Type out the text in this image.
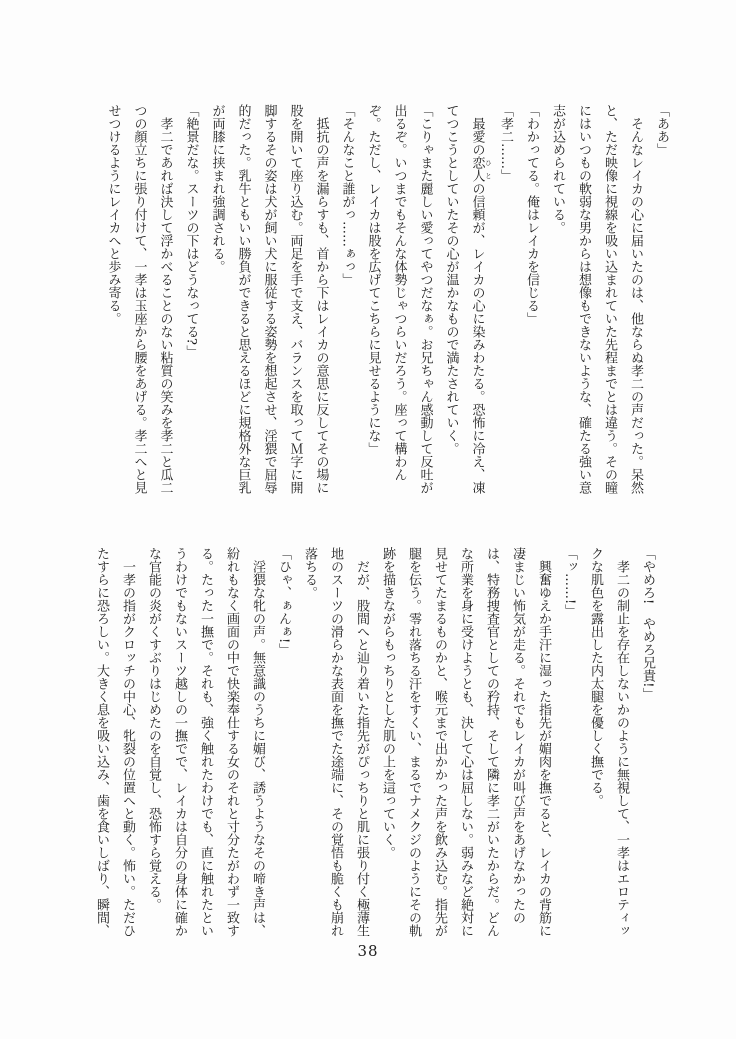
「ああ」
　そんなレイカの心に届いたのは、他ならぬ孝二の声だった。呆然
と、ただ映像に視線を吸い込まれていた先程までとは違う。その瞳
にはいつもの軟弱な男からは想像もできないような、確たる強い意
志が込められている。
「わかってる。俺はレイカを信じる」
「孝二……」
　最愛の恋人 ひとの信頼が、レイカの心に染みわたる。恐怖に冷え、凍
てつこうとしていたその心が温かなもので満たされていく。
「こりゃまた麗しい愛ってやつだなぁ。お兄ちゃん感動して反吐が
出るぞ。いつまでもそんな体勢じゃつらいだろう。座って構わん
ぞ。ただし、レイカは股を広げてこちらに見せるようにな」
「そんなこと誰がっ……ぁっ」
　抵抗の声を漏らすも、首から下はレイカの意思に反してその場に
股を開いて座り込む。両足を手で支え、バランスを取ってＭ字に開
脚するその姿は犬が飼い犬に服従する姿勢を想起させ、淫猥で屈辱
的だった。乳牛ともいい勝負ができると思えるほどに規格外な巨乳
が両膝に挟まれ強調される。
「絶景だな。スーツの下はどうなってる?」
　孝二であれば決して浮かべることのない粘質の笑みを孝二と瓜二
つの顔立ちに張り付けて、一孝は玉座から腰をあげる。孝二へと見
せつけるようにレイカへと歩み寄る。
「やめろ!　やめろ兄貴!」
　孝二の制止を存在しないかのように無視して、一孝はエロティッ
クな肌色を露出した内太腿を優しく撫でる。
「ッ……!」
　興奮ゆえか手汗に湿った指先が媚肉を撫でると、レイカの背筋に
凄まじい怖気が走る。それでもレイカが叫び声をあげなかったの
は、特務捜査官としての矜持、そして隣に孝二がいたからだ。どん
な所業を身に受けようとも、決して心は屈しない。弱みなど絶対に
見せてたまるものかと、喉元まで出かかった声を飲み込む。指先が
腿を伝う。零れ落ちる汗をすくい、まるでナメクジのようにその軌
跡を描きながらもっちりとした肌の上を這っていく。
　だが、股間へと辿り着いた指先がぴっちりと肌に張り付く極薄生
地のスーツの滑らかな表面を撫でた途端に、その覚悟も脆くも崩れ
落ちる。
「ひゃ、ぁんぁ!」
　淫猥な牝の声。無意識のうちに媚び、誘うようなその啼き声は、
紛れもなく画面の中で快楽奉仕する女のそれと寸分たがわず一致す
る。たった一撫で。それも、強く触れたわけでも、直に触れたとい
うわけでもないスーツ越しの一撫でで、レイカは自分の身体に確か
な官能の炎がくすぶりはじめたのを自覚し、恐怖すら覚える。
　一孝の指がクロッチの中心、牝裂の位置へと動く。怖い。ただひ
たすらに恐ろしい。大きく息を吸い込み、歯を食いしばり、瞬間、
38
